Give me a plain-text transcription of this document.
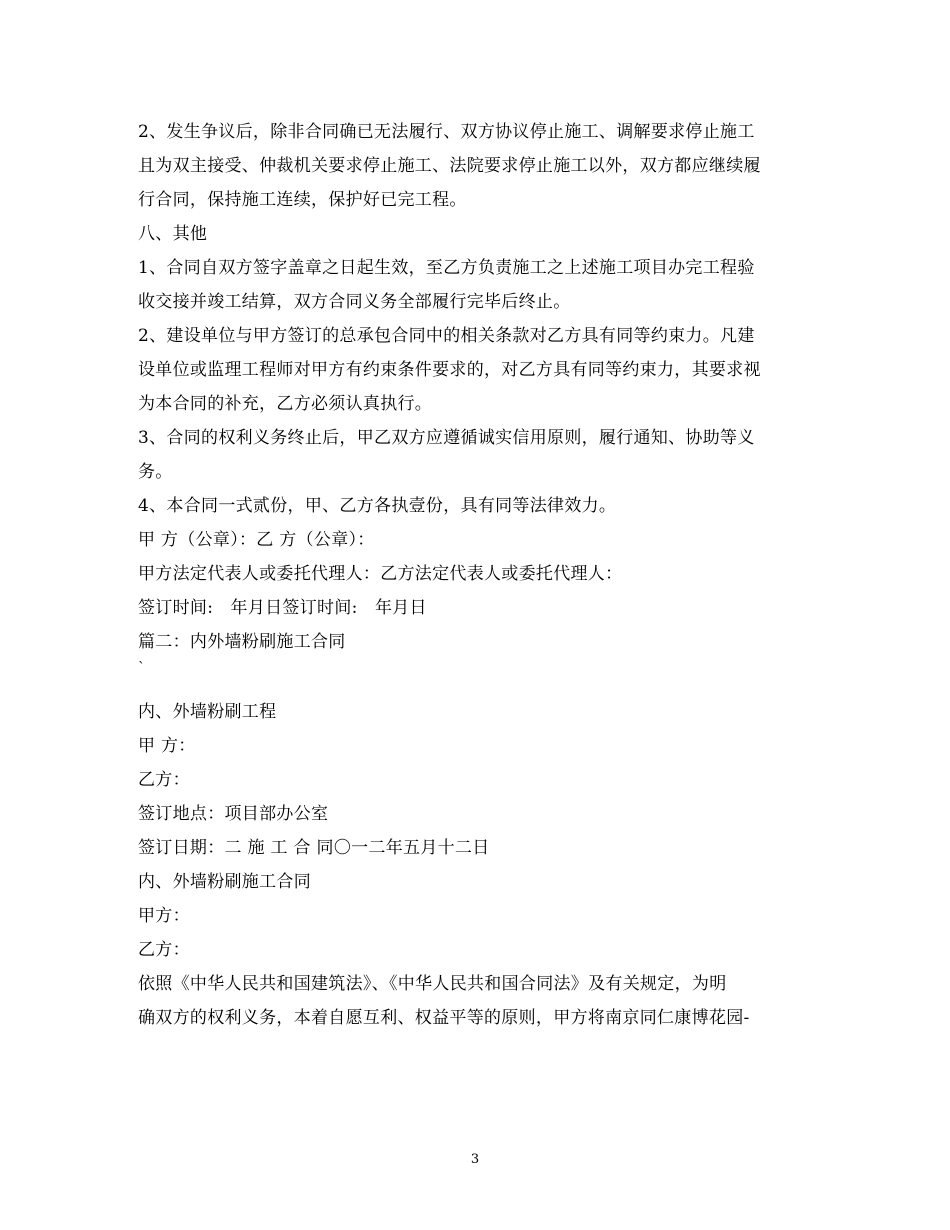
2、发生争议后，除非合同确已无法履行、双方协议停止施工、调解要求停止施工
且为双主接受、仲裁机关要求停止施工、法院要求停止施工以外，双方都应继续履
行合同，保持施工连续，保护好已完工程。
八、其他
1、合同自双方签字盖章之日起生效，至乙方负责施工之上述施工项目办完工程验
收交接并竣工结算，双方合同义务全部履行完毕后终止。
2、建设单位与甲方签订的总承包合同中的相关条款对乙方具有同等约束力。凡建
设单位或监理工程师对甲方有约束条件要求的，对乙方具有同等约束力，其要求视
为本合同的补充，乙方必须认真执行。
3、合同的权利义务终止后，甲乙双方应遵循诚实信用原则，履行通知、协助等义
务。
4、本合同一式贰份，甲、乙方各执壹份，具有同等法律效力。
甲 方（公章）：乙 方（公章）：
甲方法定代表人或委托代理人：乙方法定代表人或委托代理人：
签订时间:　年月日签订时间:　年月日
篇二：内外墙粉刷施工合同
`
内、外墙粉刷工程
甲 方：
乙方：
签订地点：项目部办公室
签订日期：二 施 工 合 同〇一二年五月十二日
内、外墙粉刷施工合同
甲方：
乙方：
依照《中华人民共和国建筑法》、《中华人民共和国合同法》及有关规定，为明
确双方的权利义务，本着自愿互利、权益平等的原则，甲方将南京同仁康博花园-
3
